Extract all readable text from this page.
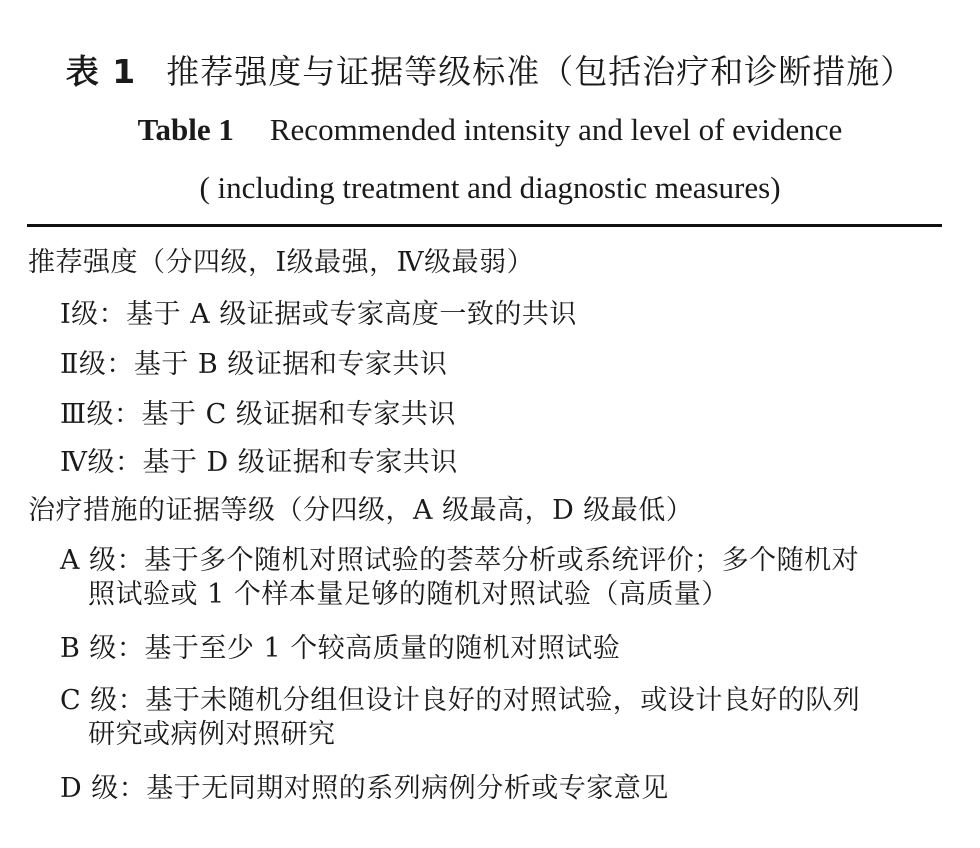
表 1 推荐强度与证据等级标准（包括治疗和诊断措施）
Table 1 Recommended intensity and level of evidence
( including treatment and diagnostic measures)
推荐强度（分四级，Ⅰ级最强，Ⅳ级最弱）
Ⅰ级：基于 A 级证据或专家高度一致的共识
Ⅱ级：基于 B 级证据和专家共识
Ⅲ级：基于 C 级证据和专家共识
Ⅳ级：基于 D 级证据和专家共识
治疗措施的证据等级（分四级，A 级最高，D 级最低）
A 级：基于多个随机对照试验的荟萃分析或系统评价；多个随机对
照试验或 1 个样本量足够的随机对照试验（高质量）
B 级：基于至少 1 个较高质量的随机对照试验
C 级：基于未随机分组但设计良好的对照试验，或设计良好的队列
研究或病例对照研究
D 级：基于无同期对照的系列病例分析或专家意见
